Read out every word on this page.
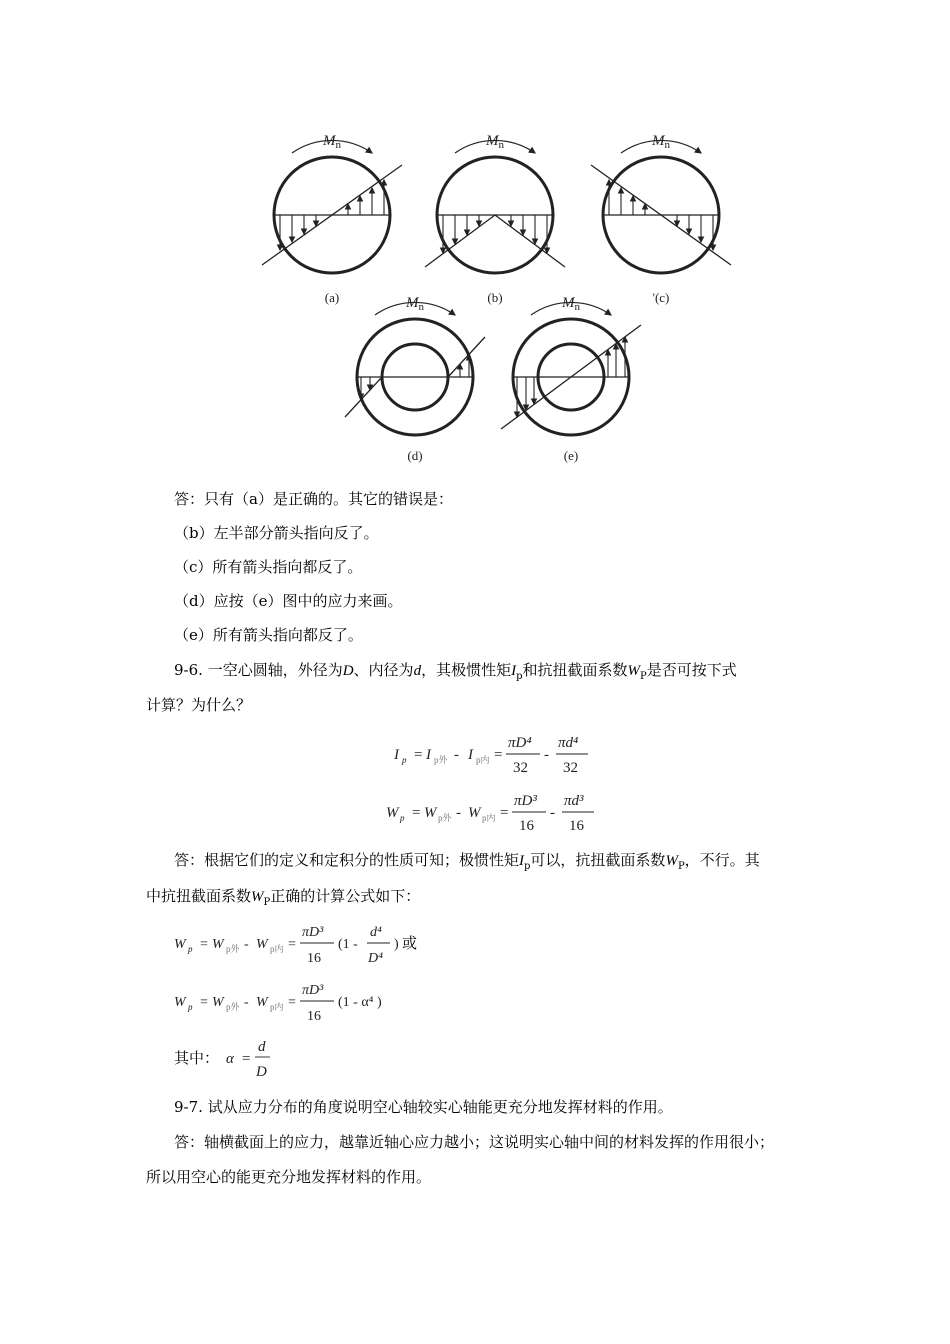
$M_n$	$M_n$	$M_n$
$M_n$	$M_n$
(a)	(b)	'(c)
(d)	(e)
答：只有（a）是正确的。其它的错误是：
（b）左半部分箭头指向反了。
（c）所有箭头指向都反了。
（d）应按（e）图中的应力来画。
（e）所有箭头指向都反了。
9-6. 一空心圆轴，外径为D、内径为d，其极惯性矩$I_p$和抗扭截面系数$W_P$是否可按下式
计算？为什么？
I p = I p外 - I p内 =
πD⁴
32
-
πd⁴
32
W p = W p外 - W p内 =
πD³
16
-
πd³
16
答：根据它们的定义和定积分的性质可知；极惯性矩$I_p$可以，抗扭截面系数$W_P$，不行。其
中抗扭截面系数$W_P$正确的计算公式如下：
W p = W p外 - W p内 =
πD³
16
(1 -
d⁴
D⁴
) 或
W p = W p外 - W p内 =
πD³
16
(1 - α⁴ )
其中： α =
d
D
9-7. 试从应力分布的角度说明空心轴较实心轴能更充分地发挥材料的作用。
答：轴横截面上的应力，越靠近轴心应力越小；这说明实心轴中间的材料发挥的作用很小；
所以用空心的能更充分地发挥材料的作用。
